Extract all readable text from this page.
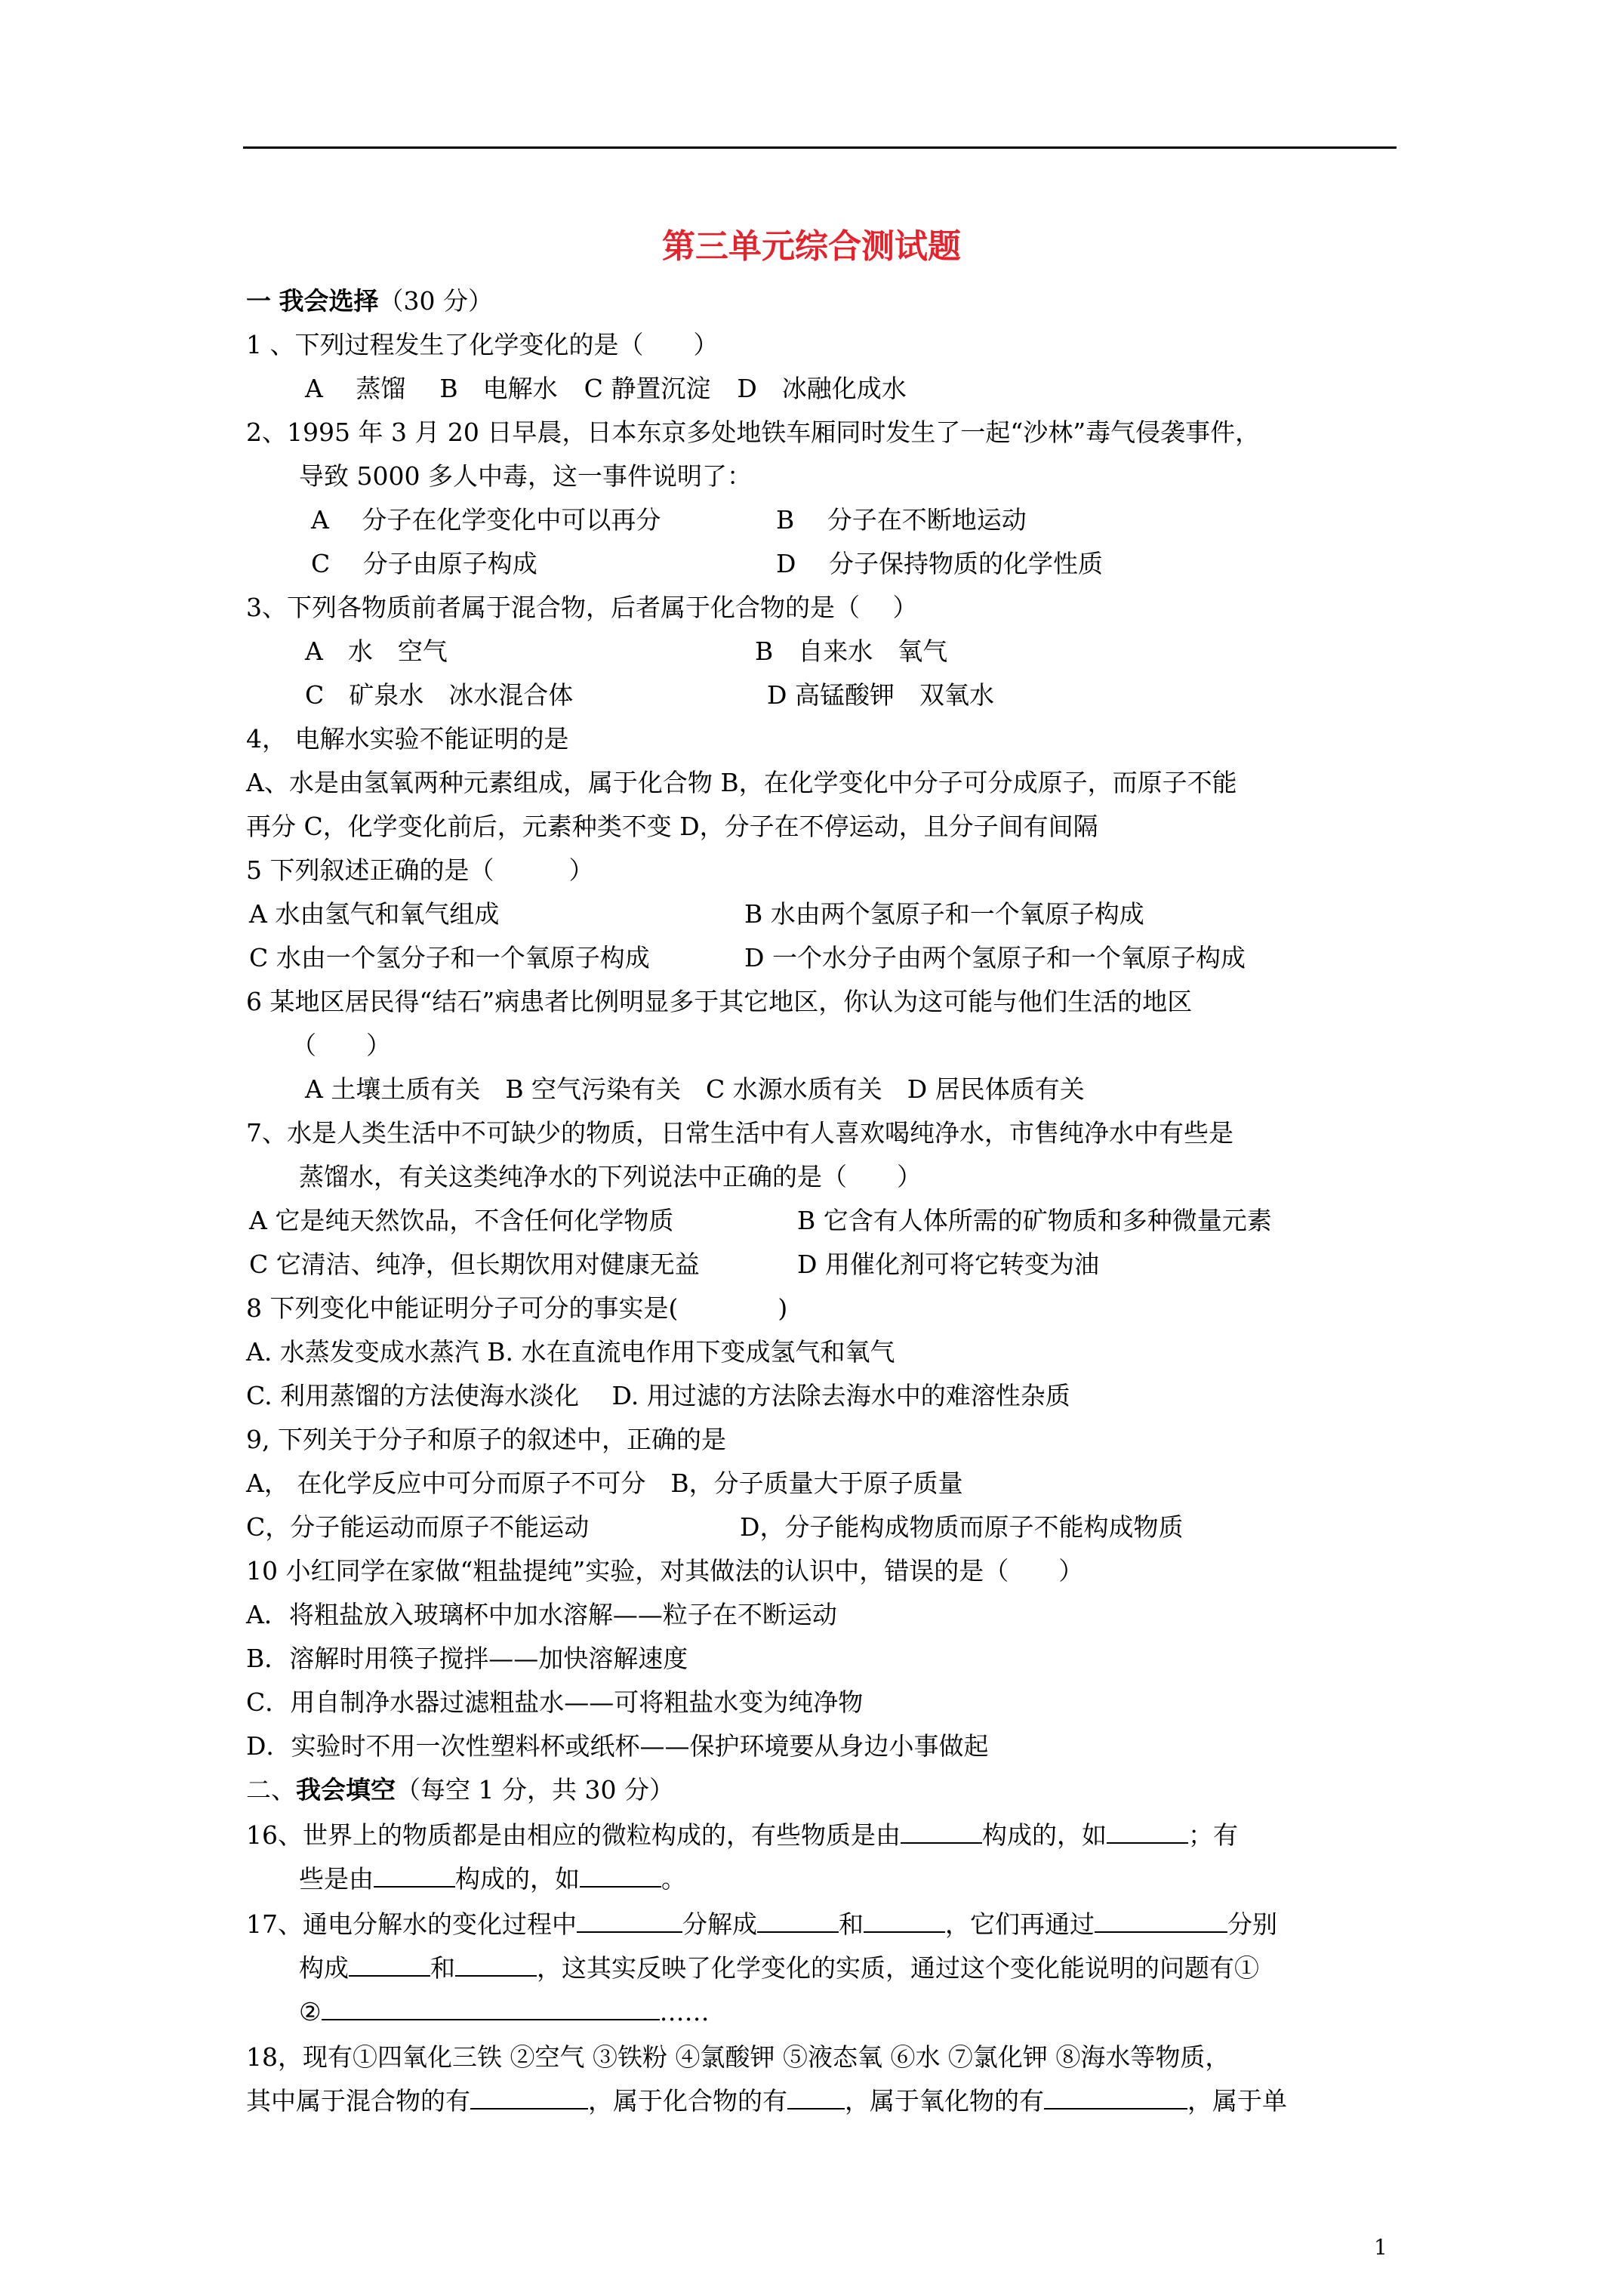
第三单元综合测试题
一 我会选择（30 分）
1 、下列过程发生了化学变化的是（　　）
A　 蒸馏 B　电解水 C 静置沉淀 D　冰融化成水
2、1995 年 3 月 20 日早晨，日本东京多处地铁车厢同时发生了一起“沙林”毒气侵袭事件，
导致 5000 多人中毒，这一事件说明了：
A　 分子在化学变化中可以再分	B　 分子在不断地运动
C　 分子由原子构成	D　 分子保持物质的化学性质
3、下列各物质前者属于混合物，后者属于化合物的是（　 ）
A　水　空气	B　自来水　氧气
C　矿泉水　冰水混合体	D 高锰酸钾　双氧水
4， 电解水实验不能证明的是
A、水是由氢氧两种元素组成，属于化合物 B，在化学变化中分子可分成原子，而原子不能
再分 C，化学变化前后，元素种类不变 D，分子在不停运动，且分子间有间隔
5 下列叙述正确的是（　　　）
A 水由氢气和氧气组成	B 水由两个氢原子和一个氧原子构成
C 水由一个氢分子和一个氧原子构成	D 一个水分子由两个氢原子和一个氧原子构成
6 某地区居民得“结石”病患者比例明显多于其它地区，你认为这可能与他们生活的地区
（　　）
A 土壤土质有关　B 空气污染有关　C 水源水质有关　D 居民体质有关
7、水是人类生活中不可缺少的物质，日常生活中有人喜欢喝纯净水，市售纯净水中有些是
蒸馏水，有关这类纯净水的下列说法中正确的是（　　）
A 它是纯天然饮品，不含任何化学物质	B 它含有人体所需的矿物质和多种微量元素
C 它清洁、纯净，但长期饮用对健康无益	D 用催化剂可将它转变为油
8 下列变化中能证明分子可分的事实是(　　　　)
A. 水蒸发变成水蒸汽 B. 水在直流电作用下变成氢气和氧气
C. 利用蒸馏的方法使海水淡化　 D. 用过滤的方法除去海水中的难溶性杂质
9, 下列关于分子和原子的叙述中，正确的是
A， 在化学反应中可分而原子不可分　B，分子质量大于原子质量
C，分子能运动而原子不能运动	D，分子能构成物质而原子不能构成物质
10 小红同学在家做“粗盐提纯”实验，对其做法的认识中，错误的是（　　）
A．将粗盐放入玻璃杯中加水溶解——粒子在不断运动
B．溶解时用筷子搅拌——加快溶解速度
C．用自制净水器过滤粗盐水——可将粗盐水变为纯净物
D．实验时不用一次性塑料杯或纸杯——保护环境要从身边小事做起
二、我会填空（每空 1 分，共 30 分）
16、世界上的物质都是由相应的微粒构成的，有些物质是由	构成的，如	；有
些是由	构成的，如	。
17、通电分解水的变化过程中	分解成	和	，它们再通过	分别
构成	和	，这其实反映了化学变化的实质，通过这个变化能说明的问题有①
②	……
18，现有①四氧化三铁 ②空气 ③铁粉 ④氯酸钾 ⑤液态氧 ⑥水 ⑦氯化钾 ⑧海水等物质，
其中属于混合物的有	，属于化合物的有 ，属于氧化物的有	，属于单
1
